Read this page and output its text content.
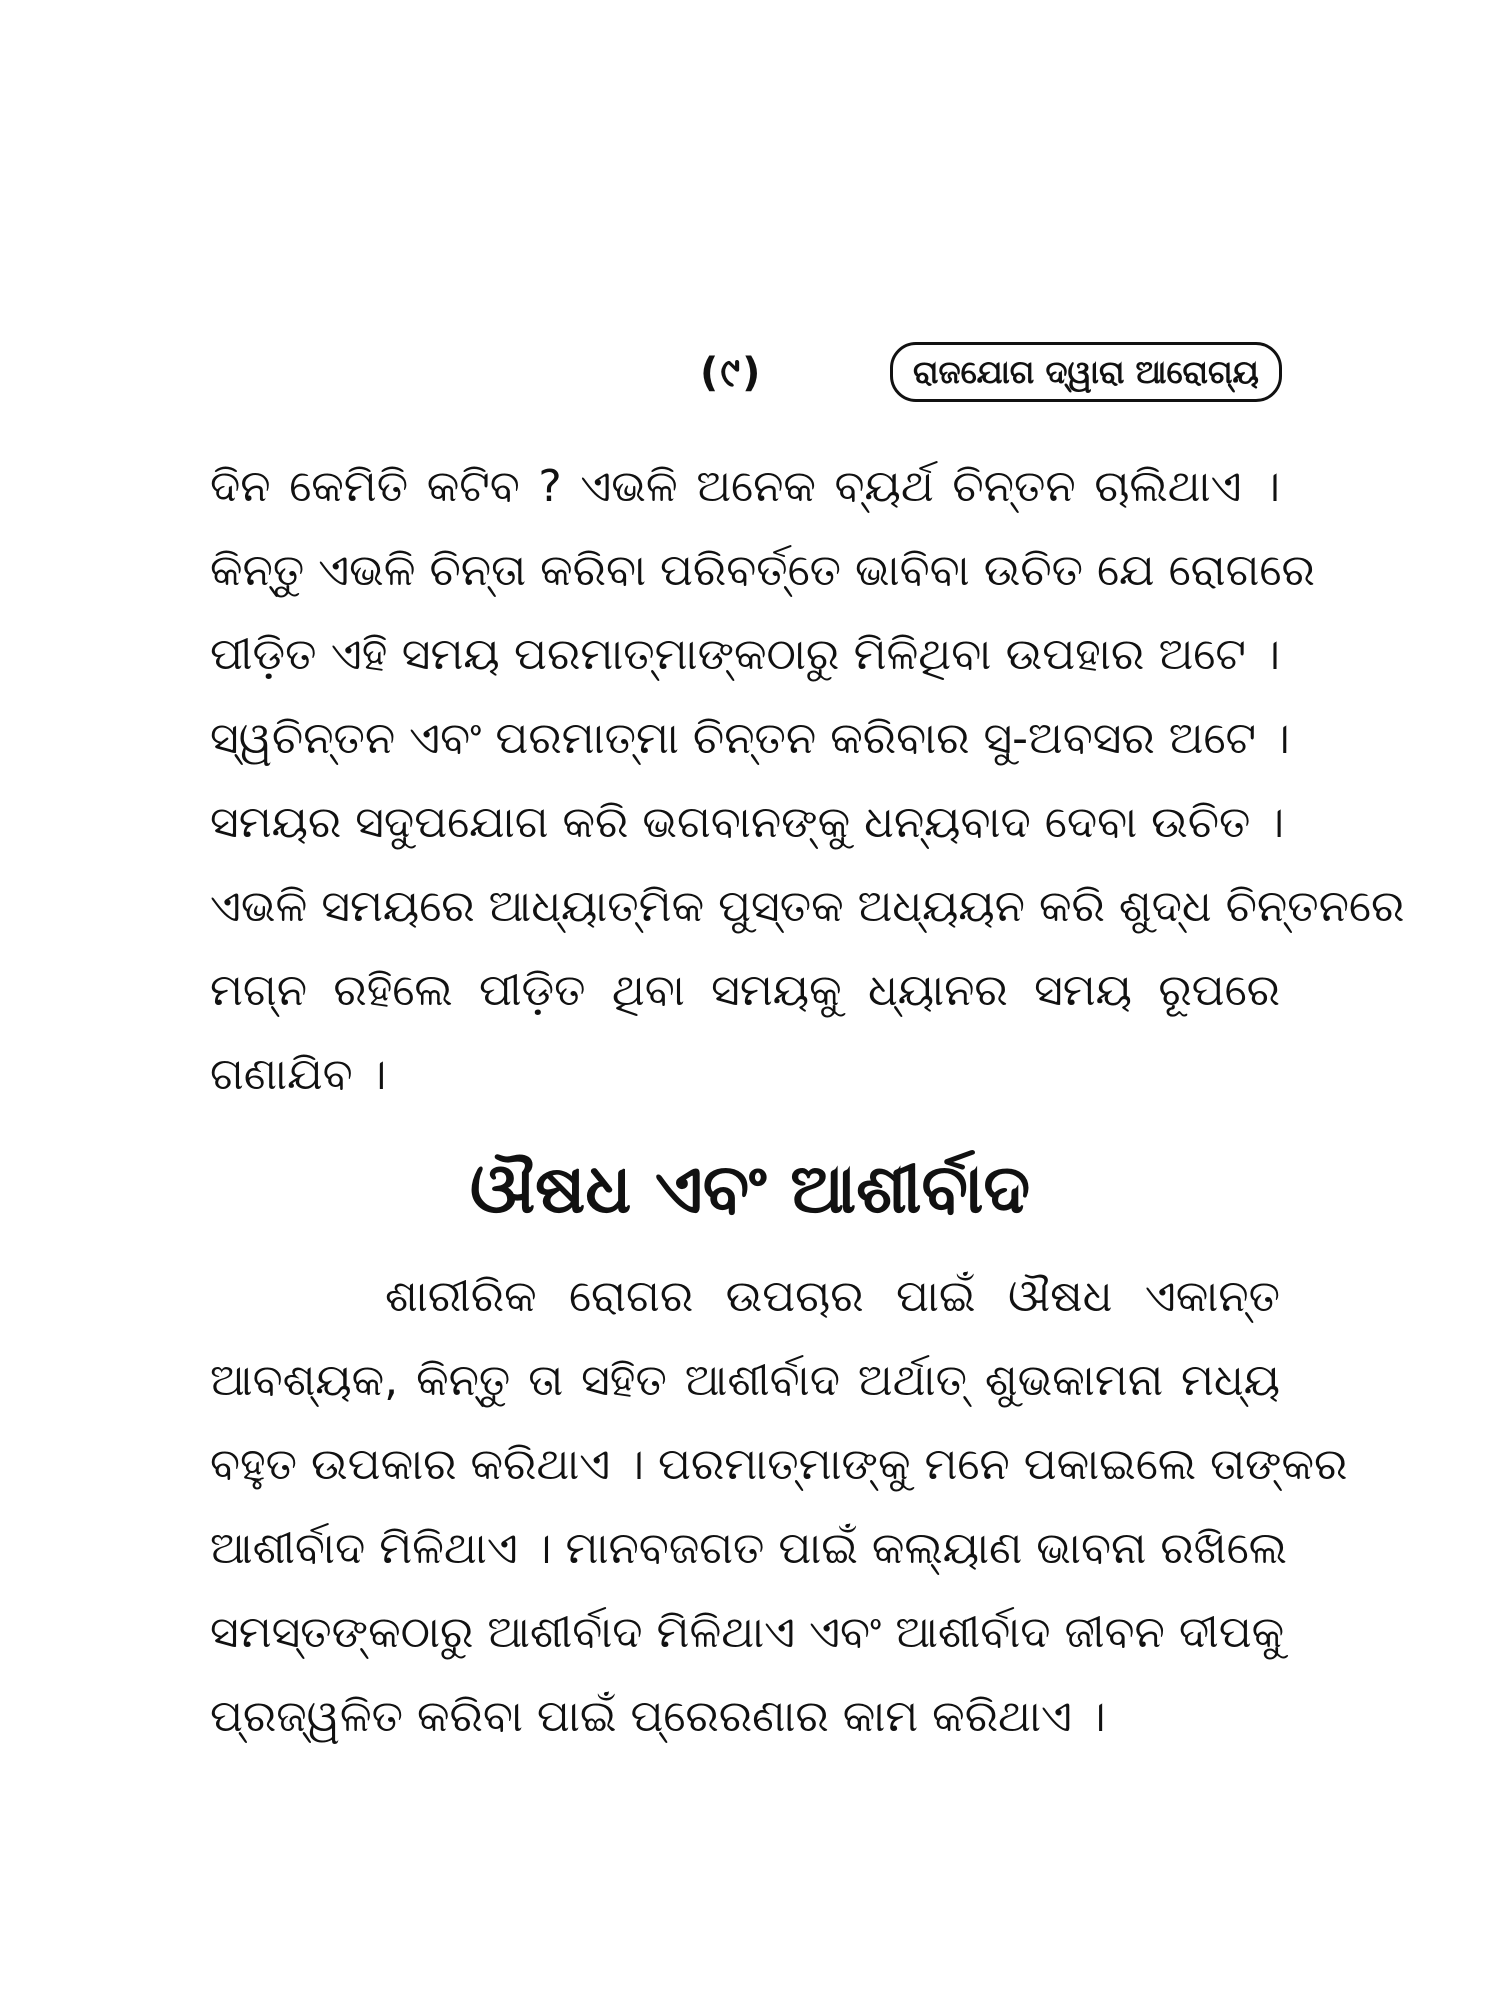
(୯)	ରାଜଯୋଗ ଦ୍ୱାରା ଆରୋଗ୍ୟ
ଦିନ କେମିତି କଟିବ ? ଏଭଳି ଅନେକ ବ୍ୟର୍ଥ ଚିନ୍ତନ ଚାଲିଥାଏ ।
କିନ୍ତୁ ଏଭଳି ଚିନ୍ତା କରିବା ପରିବର୍ତ୍ତେ ଭାବିବା ଉଚିତ ଯେ ରୋଗରେ
ପୀଡ଼ିତ ଏହି ସମୟ ପରମାତ୍ମାଙ୍କଠାରୁ ମିଳିଥିବା ଉପହାର ଅଟେ ।
ସ୍ୱଚିନ୍ତନ ଏବଂ ପରମାତ୍ମା ଚିନ୍ତନ କରିବାର ସୁ-ଅବସର ଅଟେ ।
ସମୟର ସଦୁପଯୋଗ କରି ଭଗବାନଙ୍କୁ ଧନ୍ୟବାଦ ଦେବା ଉଚିତ ।
ଏଭଳି ସମୟରେ ଆଧ୍ୟାତ୍ମିକ ପୁସ୍ତକ ଅଧ୍ୟୟନ କରି ଶୁଦ୍ଧ ଚିନ୍ତନରେ
ମଗ୍ନ ରହିଲେ ପୀଡ଼ିତ ଥିବା ସମୟକୁ ଧ୍ୟାନର ସମୟ ରୂପରେ
ଗଣାଯିବ ।
ଔଷଧ ଏବଂ ଆଶୀର୍ବାଦ
ଶାରୀରିକ ରୋଗର ଉପଚାର ପାଇଁ ଔଷଧ ଏକାନ୍ତ
ଆବଶ୍ୟକ, କିନ୍ତୁ ତା ସହିତ ଆଶୀର୍ବାଦ ଅର୍ଥାତ୍ ଶୁଭକାମନା ମଧ୍ୟ
ବହୁତ ଉପକାର କରିଥାଏ । ପରମାତ୍ମାଙ୍କୁ ମନେ ପକାଇଲେ ତାଙ୍କର
ଆଶୀର୍ବାଦ ମିଳିଥାଏ । ମାନବଜଗତ ପାଇଁ କଲ୍ୟାଣ ଭାବନା ରଖିଲେ
ସମସ୍ତଙ୍କଠାରୁ ଆଶୀର୍ବାଦ ମିଳିଥାଏ ଏବଂ ଆଶୀର୍ବାଦ ଜୀବନ ଦୀପକୁ
ପ୍ରଜ୍ୱଳିତ କରିବା ପାଇଁ ପ୍ରେରଣାର କାମ କରିଥାଏ ।
